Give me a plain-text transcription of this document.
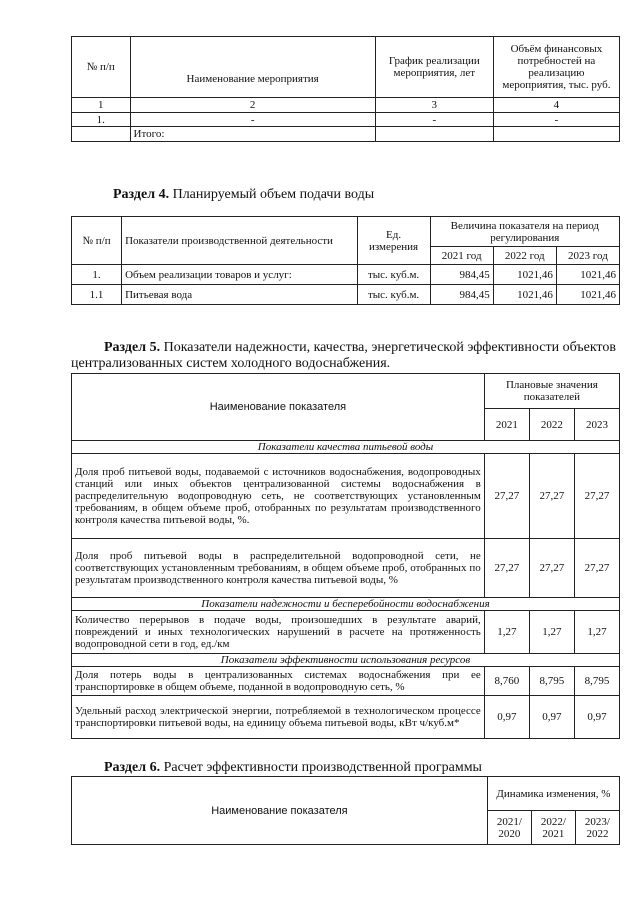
№ п/п	Наименование мероприятия	График реализации мероприятия, лет	Объём финансовых потребностей на реализацию мероприятия, тыс. руб.
1	2	3	4
1.	-	-	-
	Итого:		

Раздел 4. Планируемый объем подачи воды

№ п/п	Показатели производственной деятельности	Ед. измерения	Величина показателя на период регулирования		
			2021 год	2022 год	2023 год
1.	Объем реализации товаров и услуг:	тыс. куб.м.	984,45	1021,46	1021,46
1.1	Питьевая вода	тыс. куб.м.	984,45	1021,46	1021,46

Раздел 5. Показатели надежности, качества, энергетической эффективности объектов

централизованных систем холодного водоснабжения.

Наименование показателя	Плановые значения показателей		
	2021	2022	2023
Показатели качества питьевой воды			
Доля проб питьевой воды, подаваемой с источников водоснабжения, водопроводных станций или иных объектов централизованной системы водоснабжения в распределительную водопроводную сеть, не соответствующих установленным требованиям, в общем объеме проб, отобранных по результатам производственного контроля качества питьевой воды, %.	27,27	27,27	27,27
Доля проб питьевой воды в распределительной водопроводной сети, не соответствующих установленным требованиям, в общем объеме проб, отобранных по результатам производственного контроля качества питьевой воды, %	27,27	27,27	27,27
Показатели надежности и бесперебойности водоснабжения			
Количество перерывов в подаче воды, произошедших в результате аварий, повреждений и иных технологических нарушений в расчете на протяженность водопроводной сети в год, ед./км	1,27	1,27	1,27
Показатели эффективности использования ресурсов			
Доля потерь воды в централизованных системах водоснабжения при ее транспортировке в общем объеме, поданной в водопроводную сеть, %	8,760	8,795	8,795
Удельный расход электрической энергии, потребляемой в технологическом процессе транспортировки питьевой воды, на единицу объема питьевой воды, кВт ч/куб.м*	0,97	0,97	0,97

Раздел 6. Расчет эффективности производственной программы

Наименование показателя	Динамика изменения, %		
	2021/ 2020	2022/ 2021	2023/ 2022
